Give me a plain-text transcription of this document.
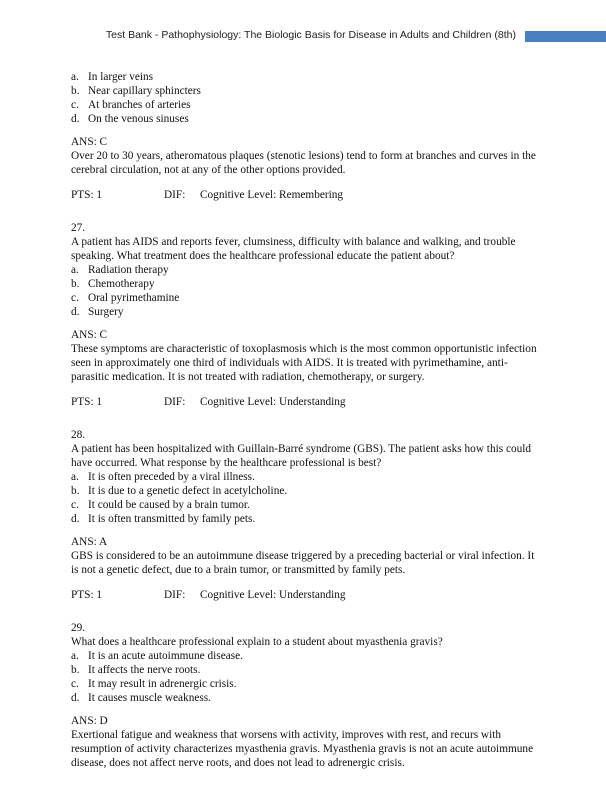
Test Bank - Pathophysiology: The Biologic Basis for Disease in Adults and Children (8th)
a. In larger veins
b. Near capillary sphincters
c. At branches of arteries
d. On the venous sinuses
ANS: C

Over 20 to 30 years, atheromatous plaques (stenotic lesions) tend to form at branches and curves in the cerebral circulation, not at any of the other options provided.

PTS: 1	DIF:	Cognitive Level: Remembering
27.
A patient has AIDS and reports fever, clumsiness, difficulty with balance and walking, and trouble speaking. What treatment does the healthcare professional educate the patient about?
a. Radiation therapy
b. Chemotherapy
c. Oral pyrimethamine
d. Surgery
ANS: C

These symptoms are characteristic of toxoplasmosis which is the most common opportunistic infection seen in approximately one third of individuals with AIDS. It is treated with pyrimethamine, anti-parasitic medication. It is not treated with radiation, chemotherapy, or surgery.

PTS: 1	DIF:	Cognitive Level: Understanding
28.
A patient has been hospitalized with Guillain-Barré syndrome (GBS). The patient asks how this could have occurred. What response by the healthcare professional is best?
a. It is often preceded by a viral illness.
b. It is due to a genetic defect in acetylcholine.
c. It could be caused by a brain tumor.
d. It is often transmitted by family pets.
ANS: A

GBS is considered to be an autoimmune disease triggered by a preceding bacterial or viral infection. It is not a genetic defect, due to a brain tumor, or transmitted by family pets.

PTS: 1	DIF:	Cognitive Level: Understanding
29.
What does a healthcare professional explain to a student about myasthenia gravis?
a. It is an acute autoimmune disease.
b. It affects the nerve roots.
c. It may result in adrenergic crisis.
d. It causes muscle weakness.
ANS: D

Exertional fatigue and weakness that worsens with activity, improves with rest, and recurs with resumption of activity characterizes myasthenia gravis. Myasthenia gravis is not an acute autoimmune disease, does not affect nerve roots, and does not lead to adrenergic crisis.
